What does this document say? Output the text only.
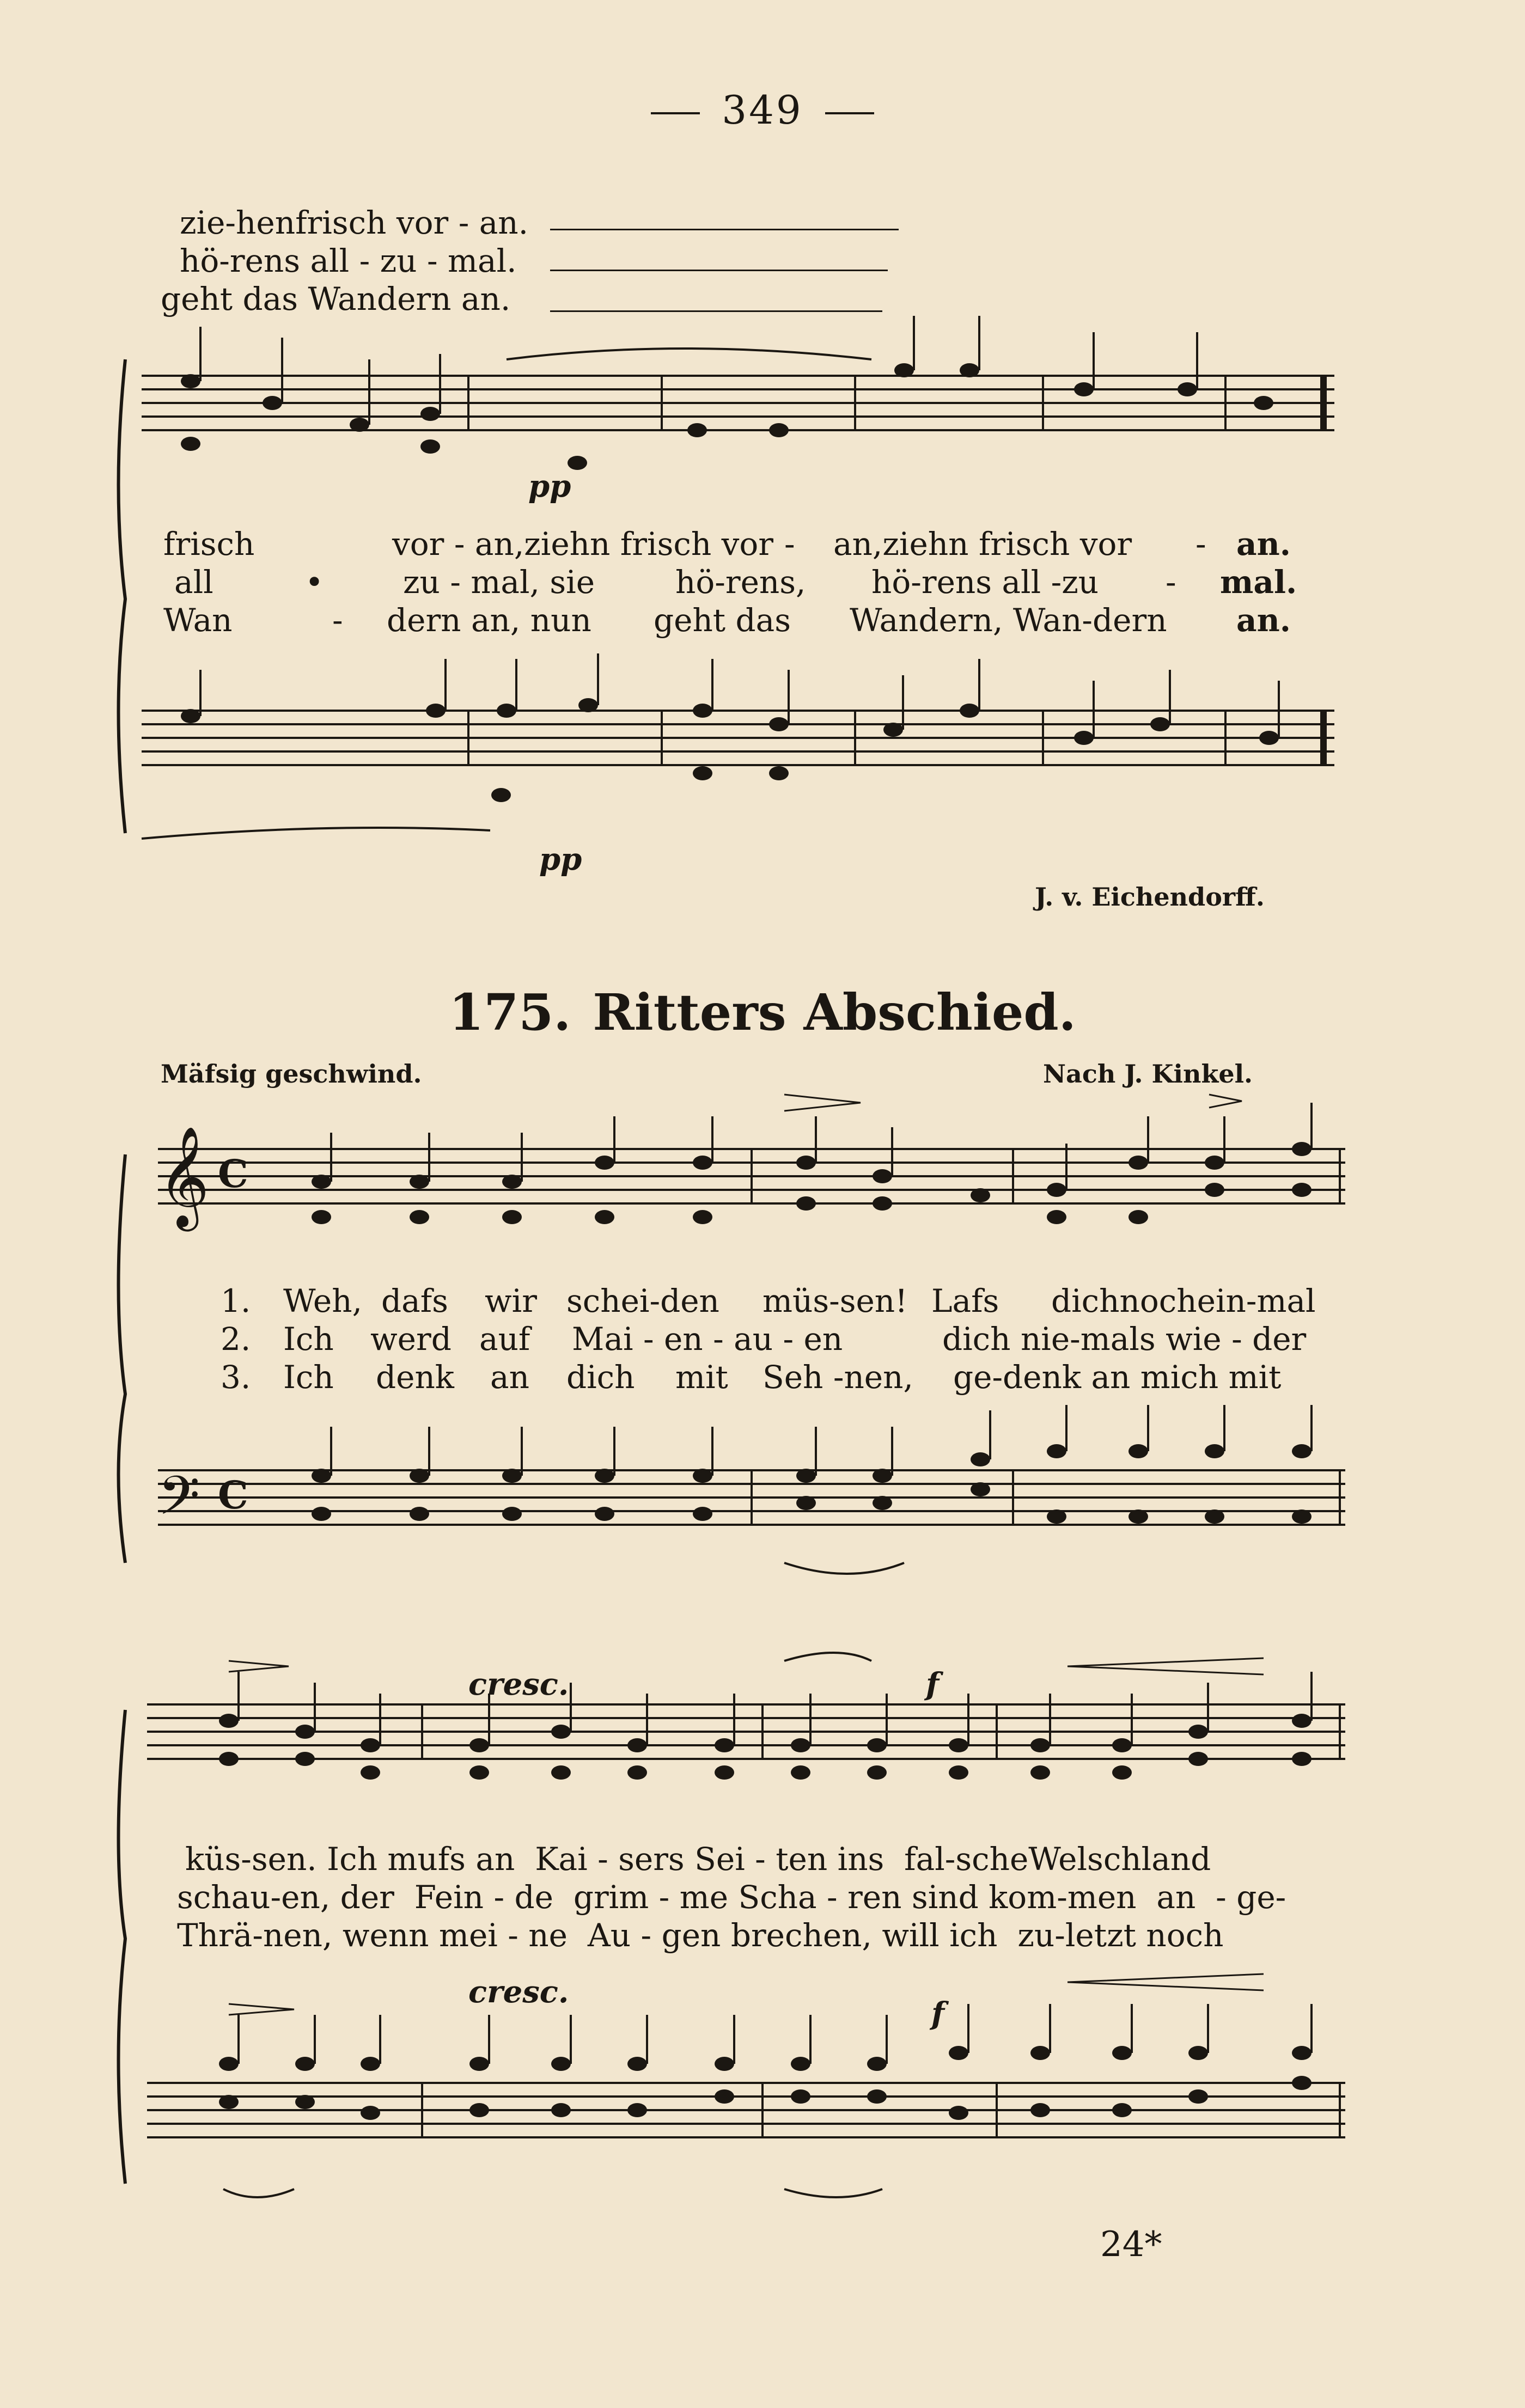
349
zie-henfrisch vor - an.
hö-rens all - zu - mal.
geht das Wandern an.
pp
pp
frisch	vor - an,ziehn frisch vor - an,ziehn frisch vor - an.
all	•	zu - mal, sie	hö-rens, hö-rens all -zu - mal.
Wan	- dern an, nun geht das Wandern, Wan-dern an.
J. v. Eichendorff.
175. Ritters Abschied.
Mäfsig geschwind.	Nach J. Kinkel.
𝄞 C
𝄢 C
1. Weh, dafs wir schei-den müs-sen! Lafs dichnochein-mal
2. Ich werd auf Mai - en - au - en	dich nie-mals wie - der
3. Ich denk an dich mit Seh -nen, ge-denk an mich mit
cresc.	f
cresc.
f
küs-sen. Ich mufs an  Kai - sers Sei - ten ins  fal-scheWelschland
schau-en, der  Fein - de  grim - me Scha - ren sind kom-men  an  - ge-
Thrä-nen, wenn mei - ne  Au - gen brechen, will ich  zu-letzt noch
24*
